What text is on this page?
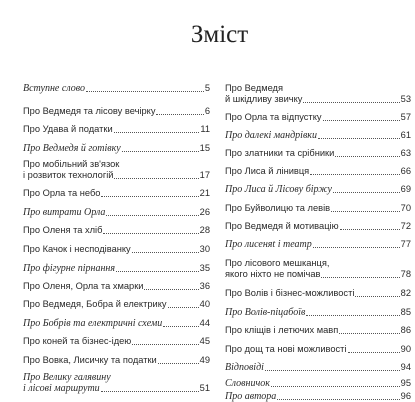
Зміст
Вступне слово	5
Про Ведмедя та лісову вечірку	6
Про Удава й податки	11
Про Ведмедя й готівку	15
Про мобільний зв'язок
і розвиток технологій	17
Про Орла та небо	21
Про витрати Орла	26
Про Оленя та хліб	28
Про Качок і несподіванку	30
Про фігурне пірнання	35
Про Оленя, Орла та хмарки	36
Про Ведмедя, Бобра й електрику	40
Про Бобрів та електричні схеми	44
Про коней та бізнес-ідею	45
Про Вовка, Лисичку та податки	49
Про Велику галявину
і лісові маршрути	51
Про Ведмедя
й шкідливу звичку	53
Про Орла та відпустку	57
Про далекі мандрівки	61
Про златники та срібники	63
Про Лиса й лінивця	66
Про Лиса й Лісову біржу	69
Про Буйволицю та левів	70
Про Ведмедя й мотивацію	72
Про лисеняt і театр	77
Про лісового мешканця,
якого ніхто не помічав	78
Про Волів і бізнес-можливості	82
Про Волів-піцабоїв	85
Про кліщів і летючих мавп	86
Про дощ та нові можливості	90
Відповіді	94
Словничок	95
Про автора	96
